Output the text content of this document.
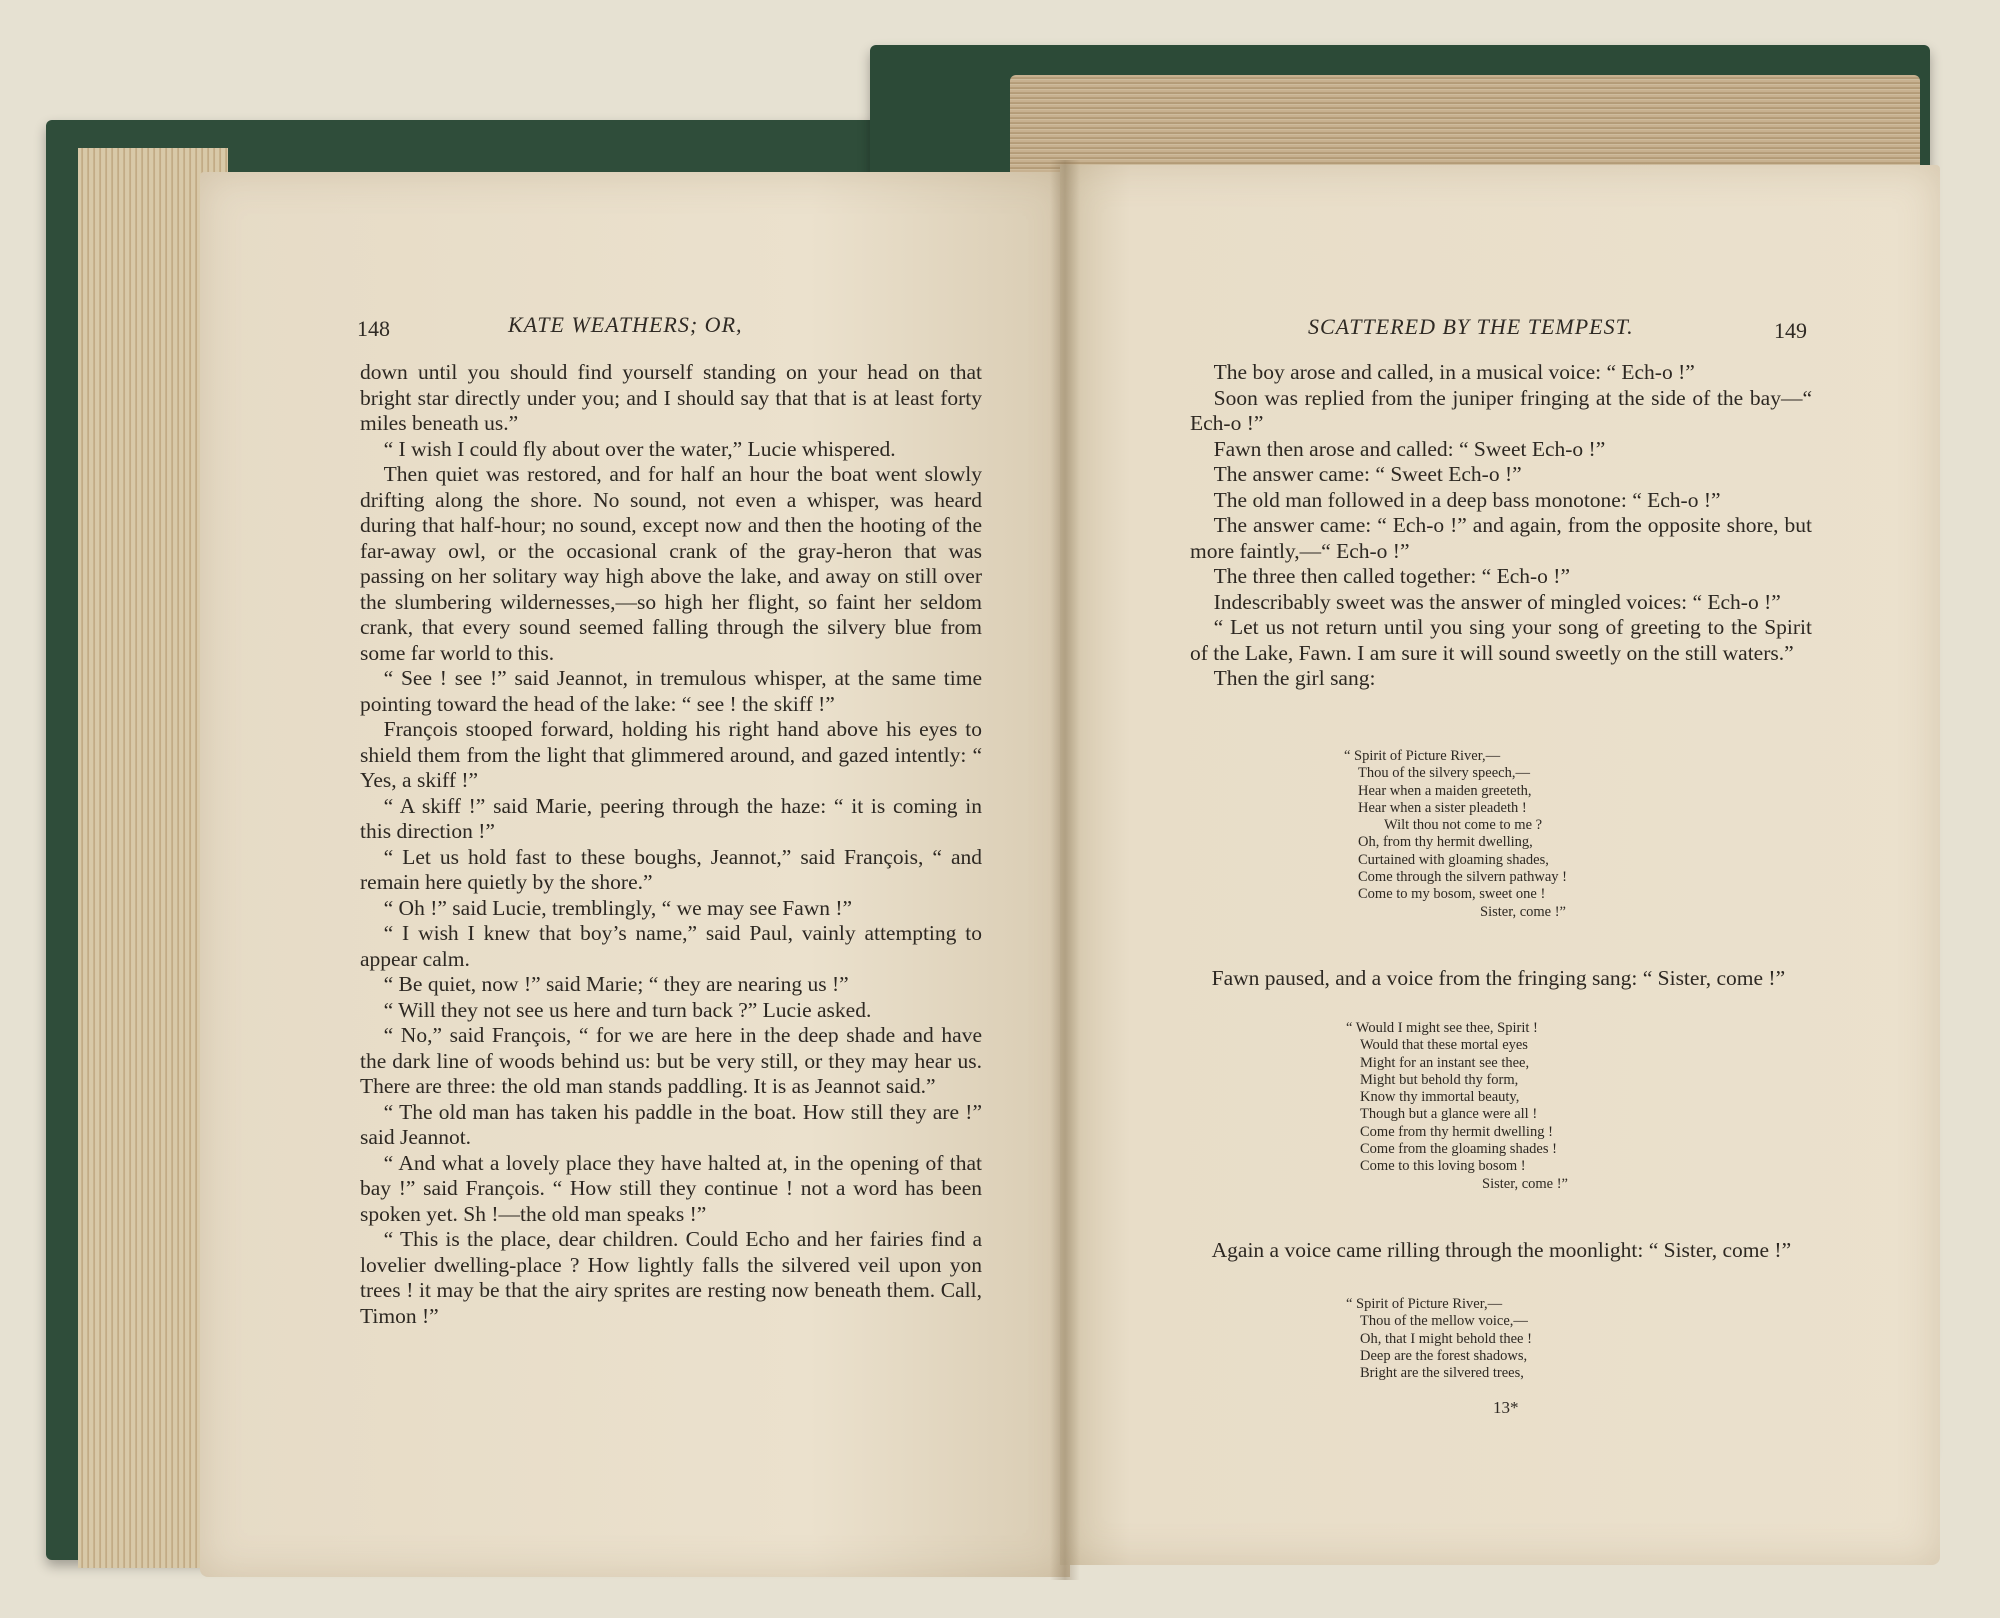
148	KATE WEATHERS; OR,

down until you should find yourself standing on your head on that bright star directly under you; and I should say that that is at least forty miles beneath us.”

“ I wish I could fly about over the water,” Lucie whispered.

Then quiet was restored, and for half an hour the boat went slowly drifting along the shore. No sound, not even a whisper, was heard during that half-hour; no sound, except now and then the hooting of the far-away owl, or the occasional crank of the gray-heron that was passing on her solitary way high above the lake, and away on still over the slumbering wildernesses,—so high her flight, so faint her seldom crank, that every sound seemed falling through the silvery blue from some far world to this.

“ See ! see !” said Jeannot, in tremulous whisper, at the same time pointing toward the head of the lake: “ see ! the skiff !”

François stooped forward, holding his right hand above his eyes to shield them from the light that glimmered around, and gazed intently: “ Yes, a skiff !”

“ A skiff !” said Marie, peering through the haze: “ it is coming in this direction !”

“ Let us hold fast to these boughs, Jeannot,” said François, “ and remain here quietly by the shore.”

“ Oh !” said Lucie, tremblingly, “ we may see Fawn !”

“ I wish I knew that boy’s name,” said Paul, vainly attempting to appear calm.

“ Be quiet, now !” said Marie; “ they are nearing us !”

“ Will they not see us here and turn back ?” Lucie asked.

“ No,” said François, “ for we are here in the deep shade and have the dark line of woods behind us: but be very still, or they may hear us. There are three: the old man stands paddling. It is as Jeannot said.”

“ The old man has taken his paddle in the boat. How still they are !” said Jeannot.

“ And what a lovely place they have halted at, in the opening of that bay !” said François. “ How still they continue ! not a word has been spoken yet. Sh !—the old man speaks !”

“ This is the place, dear children. Could Echo and her fairies find a lovelier dwelling-place ? How lightly falls the silvered veil upon yon trees ! it may be that the airy sprites are resting now beneath them. Call, Timon !”

SCATTERED BY THE TEMPEST.	149

The boy arose and called, in a musical voice: “ Ech-o !”

Soon was replied from the juniper fringing at the side of the bay—“ Ech-o !”

Fawn then arose and called: “ Sweet Ech-o !”

The answer came: “ Sweet Ech-o !”

The old man followed in a deep bass monotone: “ Ech-o !”

The answer came: “ Ech-o !” and again, from the opposite shore, but more faintly,—“ Ech-o !”

The three then called together: “ Ech-o !”

Indescribably sweet was the answer of mingled voices: “ Ech-o !”

“ Let us not return until you sing your song of greeting to the Spirit of the Lake, Fawn. I am sure it will sound sweetly on the still waters.”

Then the girl sang:

“ Spirit of Picture River,—
Thou of the silvery speech,—
Hear when a maiden greeteth,
Hear when a sister pleadeth !
Wilt thou not come to me ?
Oh, from thy hermit dwelling,
Curtained with gloaming shades,
Come through the silvern pathway !
Come to my bosom, sweet one !
Sister, come !”

Fawn paused, and a voice from the fringing sang: “ Sister, come !”

“ Would I might see thee, Spirit !
Would that these mortal eyes
Might for an instant see thee,
Might but behold thy form,
Know thy immortal beauty,
Though but a glance were all !
Come from thy hermit dwelling !
Come from the gloaming shades !
Come to this loving bosom !
Sister, come !”

Again a voice came rilling through the moonlight: “ Sister, come !”

“ Spirit of Picture River,—
Thou of the mellow voice,—
Oh, that I might behold thee !
Deep are the forest shadows,
Bright are the silvered trees,
13*
